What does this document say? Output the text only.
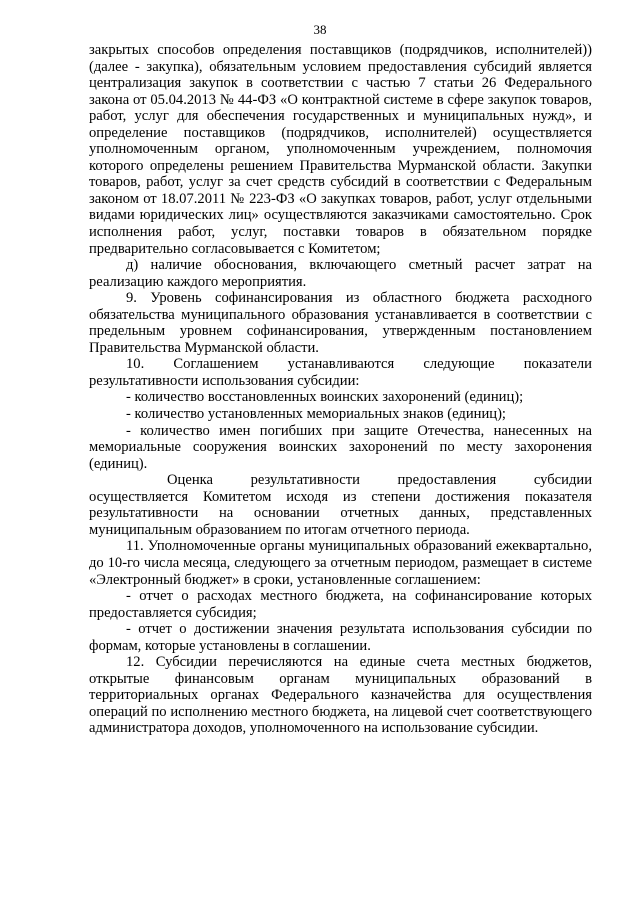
38

закрытых способов определения поставщиков (подрядчиков, исполнителей)) (далее - закупка), обязательным условием предоставления субсидий является централизация закупок в соответствии с частью 7 статьи 26 Федерального закона от 05.04.2013 № 44-ФЗ «О контрактной системе в сфере закупок товаров, работ, услуг для обеспечения государственных и муниципальных нужд», и определение поставщиков (подрядчиков, исполнителей) осуществляется уполномоченным органом, уполномоченным учреждением, полномочия которого определены решением Правительства Мурманской области. Закупки товаров, работ, услуг за счет средств субсидий в соответствии с Федеральным законом от 18.07.2011 № 223-ФЗ «О закупках товаров, работ, услуг отдельными видами юридических лиц» осуществляются заказчиками самостоятельно. Срок исполнения работ, услуг, поставки товаров в обязательном порядке предварительно согласовывается с Комитетом;

д) наличие обоснования, включающего сметный расчет затрат на реализацию каждого мероприятия.

9. Уровень софинансирования из областного бюджета расходного обязательства муниципального образования устанавливается в соответствии с предельным уровнем софинансирования, утвержденным постановлением Правительства Мурманской области.

10. Соглашением устанавливаются следующие показатели результативности использования субсидии:

- количество восстановленных воинских захоронений (единиц);

- количество установленных мемориальных знаков (единиц);

- количество имен погибших при защите Отечества, нанесенных на мемориальные сооружения воинских захоронений по месту захоронения (единиц).

Оценка результативности предоставления субсидии осуществляется Комитетом исходя из степени достижения показателя результативности на основании отчетных данных, представленных муниципальным образованием по итогам отчетного периода.

11. Уполномоченные органы муниципальных образований ежеквартально, до 10-го числа месяца, следующего за отчетным периодом, размещает в системе «Электронный бюджет» в сроки, установленные соглашением:

- отчет о расходах местного бюджета, на софинансирование которых предоставляется субсидия;

- отчет о достижении значения результата использования субсидии по формам, которые установлены в соглашении.

12. Субсидии перечисляются на единые счета местных бюджетов, открытые финансовым органам муниципальных образований в территориальных органах Федерального казначейства для осуществления операций по исполнению местного бюджета, на лицевой счет соответствующего администратора доходов, уполномоченного на использование субсидии.
